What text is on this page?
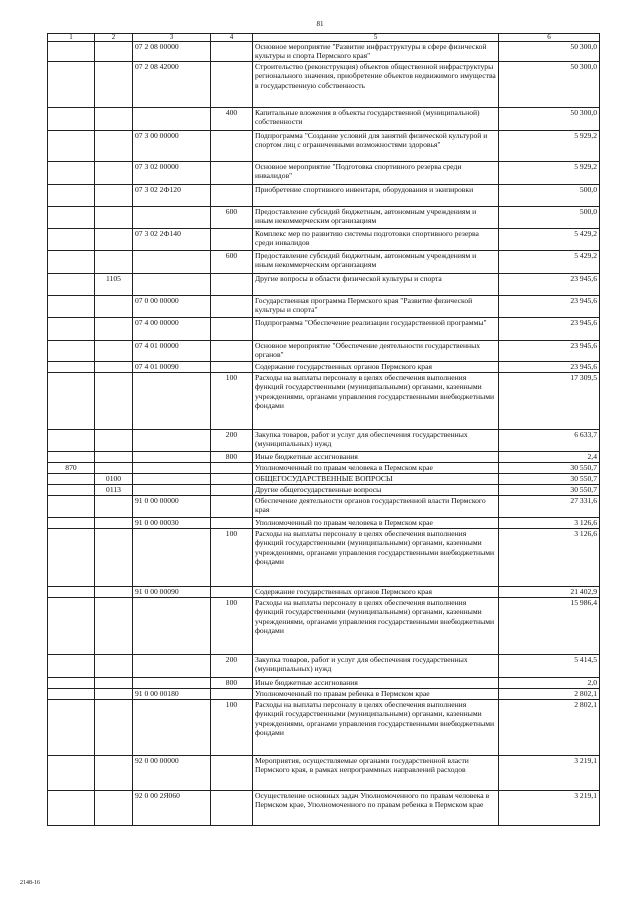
81
1	2	3	4	5	6
		07 2 08 00000		Основное мероприятие "Развитие инфраструктуры в сфере физической культуры и спорта Пермского края"	50 300,0
		07 2 08 42000		Строительство (реконструкция) объектов общественной инфраструктуры регионального значения, приобретение объектов недвижимого имущества в государственную собственность	50 300,0
			400	Капитальные вложения в объекты государственной (муниципальной) собственности	50 300,0
		07 3 00 00000		Подпрограмма "Создание условий для занятий физической культурой и спортом лиц с ограниченными возможностями здоровья"	5 929,2
		07 3 02 00000		Основное мероприятие "Подготовка спортивного резерва среди инвалидов"	5 929,2
		07 3 02 2Ф120		Приобретение спортивного инвентаря, оборудования и экипировки	500,0
			600	Предоставление субсидий бюджетным, автономным учреждениям и иным некоммерческим организациям	500,0
		07 3 02 2Ф140		Комплекс мер по развитию системы подготовки спортивного резерва среди инвалидов	5 429,2
			600	Предоставление субсидий бюджетным, автономным учреждениям и иным некоммерческим организациям	5 429,2
	1105			Другие вопросы в области физической культуры и спорта	23 945,6
		07 0 00 00000		Государственная программа Пермского края "Развитие физической культуры и спорта"	23 945,6
		07 4 00 00000		Подпрограмма "Обеспечение реализации государственной программы"	23 945,6
		07 4 01 00000		Основное мероприятие "Обеспечение деятельности государственных органов"	23 945,6
		07 4 01 00090		Содержание государственных органов Пермского края	23 945,6
			100	Расходы на выплаты персоналу в целях обеспечения выполнения функций государственными (муниципальными) органами, казенными учреждениями, органами управления государственными внебюджетными фондами	17 309,5
			200	Закупка товаров, работ и услуг для обеспечения государственных (муниципальных) нужд	6 633,7
			800	Иные бюджетные ассигнования	2,4
870				Уполномоченный по правам человека в Пермском крае	30 550,7
	0100			ОБЩЕГОСУДАРСТВЕННЫЕ ВОПРОСЫ	30 550,7
	0113			Другие общегосударственные вопросы	30 550,7
		91 0 00 00000		Обеспечение деятельности органов государственной власти Пермского края	27 331,6
		91 0 00 00030		Уполномоченный по правам человека в Пермском крае	3 126,6
			100	Расходы на выплаты персоналу в целях обеспечения выполнения функций государственными (муниципальными) органами, казенными учреждениями, органами управления государственными внебюджетными фондами	3 126,6
		91 0 00 00090		Содержание государственных органов Пермского края	21 402,9
			100	Расходы на выплаты персоналу в целях обеспечения выполнения функций государственными (муниципальными) органами, казенными учреждениями, органами управления государственными внебюджетными фондами	15 986,4
			200	Закупка товаров, работ и услуг для обеспечения государственных (муниципальных) нужд	5 414,5
			800	Иные бюджетные ассигнования	2,0
		91 0 00 00180		Уполномоченный по правам ребенка в Пермском крае	2 802,1
			100	Расходы на выплаты персоналу в целях обеспечения выполнения функций государственными (муниципальными) органами, казенными учреждениями, органами управления государственными внебюджетными фондами	2 802,1
		92 0 00 00000		Мероприятия, осуществляемые органами государственной власти Пермского края, в рамках непрограммных направлений расходов	3 219,1
		92 0 00 2Я060		Осуществление основных задач Уполномоченного по правам человека в Пермском крае, Уполномоченного по правам ребенка в Пермском крае	3 219,1
2148-16
